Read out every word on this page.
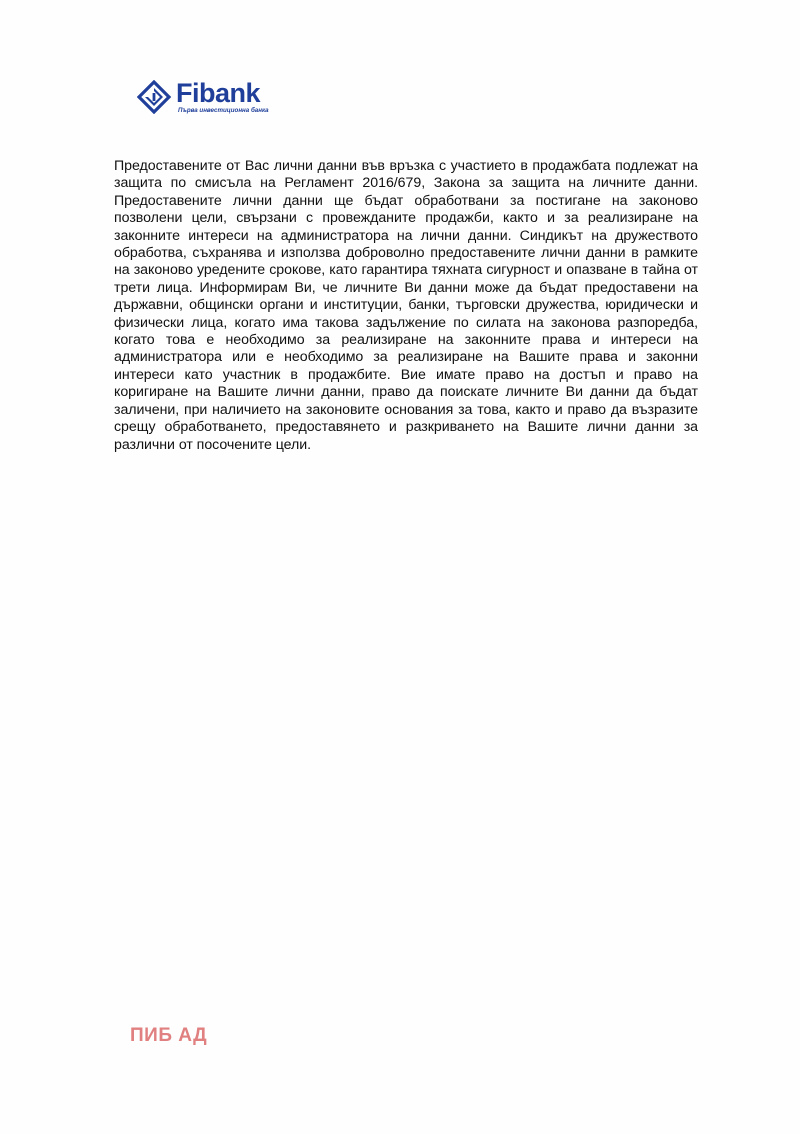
Fibank
Първа инвестиционна банка

Предоставените от Вас лични данни във връзка с участието в продажбата подлежат на защита по смисъла на Регламент 2016/679, Закона за защита на личните данни. Предоставените лични данни ще бъдат обработвани за постигане на законово позволени цели, свързани с провежданите продажби, както и за реализиране на законните интереси на администратора на лични данни. Синдикът на дружеството обработва, съхранява и използва доброволно предоставените лични данни в рамките на законово уредените срокове, като гарантира тяхната сигурност и опазване в тайна от трети лица. Информирам Ви, че личните Ви данни може да бъдат предоставени на държавни, общински органи и институции, банки, търговски дружества, юридически и физически лица, когато има такова задължение по силата на законова разпоредба, когато това е необходимо за реализиране на законните права и интереси на администратора или е необходимо за реализиране на Вашите права и законни интереси като участник в продажбите. Вие имате право на достъп и право на коригиране на Вашите лични данни, право да поискате личните Ви данни да бъдат заличени, при наличието на законовите основания за това, както и право да възразите срещу обработването, предоставянето и разкриването на Вашите лични данни за различни от посочените цели.

ПИБ АД
